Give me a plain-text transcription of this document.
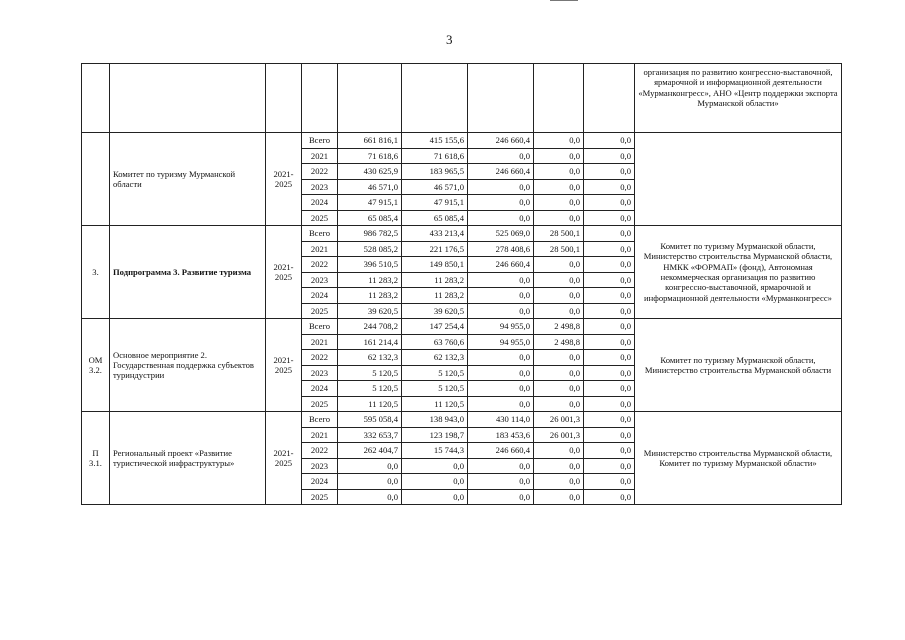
3
									организация по развитию конгрессно-выставочной, ярмарочной и информационной деятельности «Мурманконгресс», АНО «Центр поддержки экспорта Мурманской области»
	Комитет по туризму Мурманской области	2021-2025	Всего	661 816,1	415 155,6	246 660,4	0,0	0,0	
			2021	71 618,6	71 618,6	0,0	0,0	0,0	
			2022	430 625,9	183 965,5	246 660,4	0,0	0,0	
			2023	46 571,0	46 571,0	0,0	0,0	0,0	
			2024	47 915,1	47 915,1	0,0	0,0	0,0	
			2025	65 085,4	65 085,4	0,0	0,0	0,0	
3.	Подпрограмма 3. Развитие туризма	2021-2025	Всего	986 782,5	433 213,4	525 069,0	28 500,1	0,0	Комитет по туризму Мурманской области, Министерство строительства Мурманской области, НМКК «ФОРМАП» (фонд), Автономная некоммерческая организация по развитию конгрессно-выставочной, ярмарочной и информационной деятельности «Мурманконгресс»
			2021	528 085,2	221 176,5	278 408,6	28 500,1	0,0	
			2022	396 510,5	149 850,1	246 660,4	0,0	0,0	
			2023	11 283,2	11 283,2	0,0	0,0	0,0	
			2024	11 283,2	11 283,2	0,0	0,0	0,0	
			2025	39 620,5	39 620,5	0,0	0,0	0,0	
ОМ 3.2.	Основное мероприятие 2. Государственная поддержка субъектов туриндустрии	2021-2025	Всего	244 708,2	147 254,4	94 955,0	2 498,8	0,0	Комитет по туризму Мурманской области, Министерство строительства Мурманской области
			2021	161 214,4	63 760,6	94 955,0	2 498,8	0,0	
			2022	62 132,3	62 132,3	0,0	0,0	0,0	
			2023	5 120,5	5 120,5	0,0	0,0	0,0	
			2024	5 120,5	5 120,5	0,0	0,0	0,0	
			2025	11 120,5	11 120,5	0,0	0,0	0,0	
П 3.1.	Региональный проект «Развитие туристической инфраструктуры»	2021-2025	Всего	595 058,4	138 943,0	430 114,0	26 001,3	0,0	Министерство строительства Мурманской области, Комитет по туризму Мурманской области»
			2021	332 653,7	123 198,7	183 453,6	26 001,3	0,0	
			2022	262 404,7	15 744,3	246 660,4	0,0	0,0	
			2023	0,0	0,0	0,0	0,0	0,0	
			2024	0,0	0,0	0,0	0,0	0,0	
			2025	0,0	0,0	0,0	0,0	0,0	
